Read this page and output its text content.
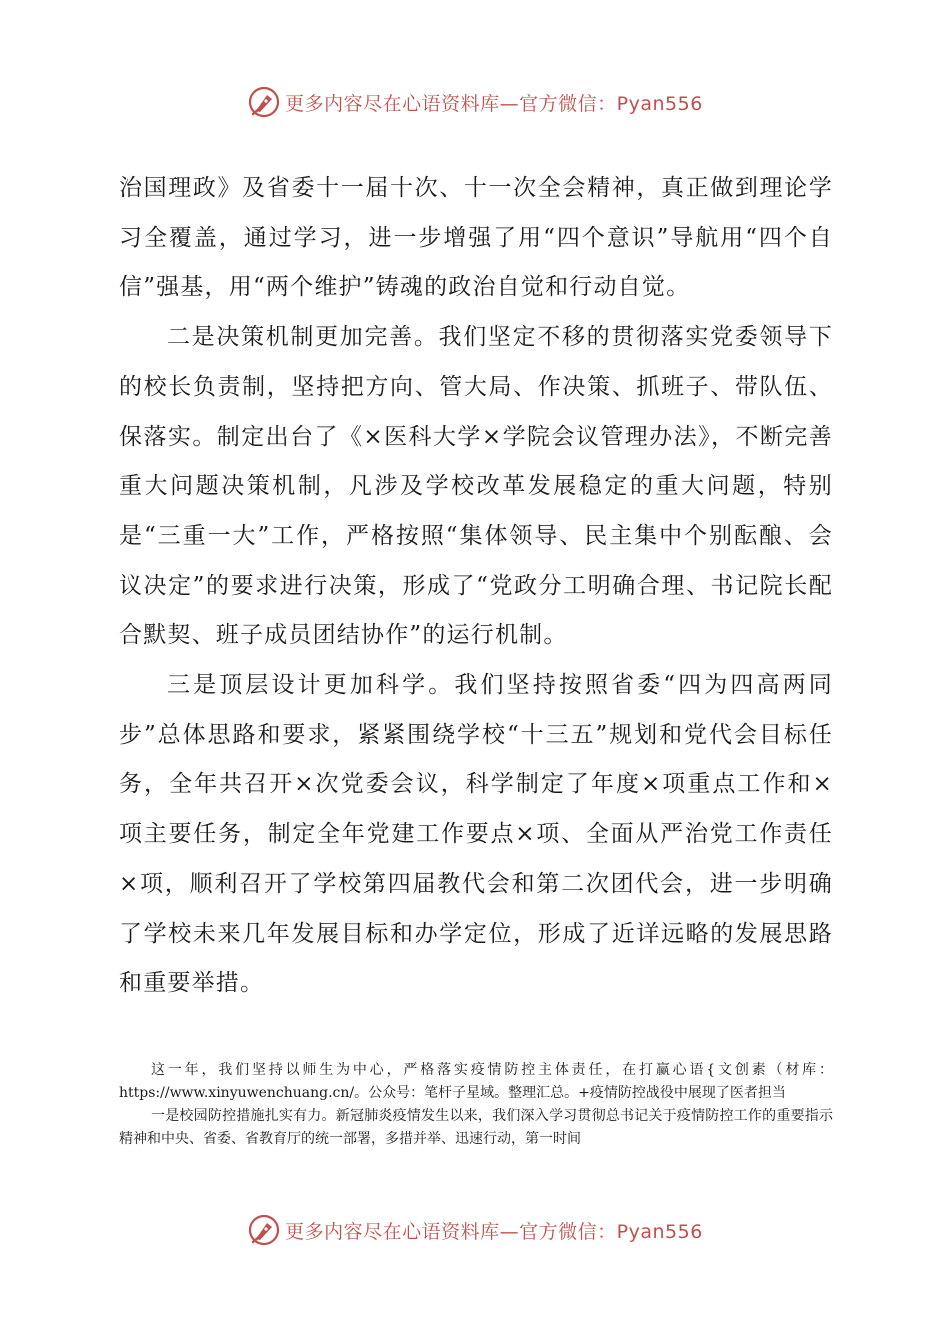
更多内容尽在心语资料库—官方微信：Pyan556

治国理政》及省委十一届十次、十一次全会精神，真正做到理论学习全覆盖，通过学习，进一步增强了用“四个意识”导航用“四个自信”强基，用“两个维护”铸魂的政治自觉和行动自觉。

二是决策机制更加完善。我们坚定不移的贯彻落实党委领导下的校长负责制，坚持把方向、管大局、作决策、抓班子、带队伍、保落实。制定出台了《×医科大学×学院会议管理办法》，不断完善重大问题决策机制，凡涉及学校改革发展稳定的重大问题，特别是“三重一大”工作，严格按照“集体领导、民主集中个别酝酿、会议决定”的要求进行决策，形成了“党政分工明确合理、书记院长配合默契、班子成员团结协作”的运行机制。

三是顶层设计更加科学。我们坚持按照省委“四为四高两同步”总体思路和要求，紧紧围绕学校“十三五”规划和党代会目标任务，全年共召开×次党委会议，科学制定了年度×项重点工作和×项主要任务，制定全年党建工作要点×项、全面从严治党工作责任×项，顺利召开了学校第四届教代会和第二次团代会，进一步明确了学校未来几年发展目标和办学定位，形成了近详远略的发展思路和重要举措。

这一年，我们坚持以师生为中心，严格落实疫情防控主体责任，在打赢心语{文创素（材库：https://www.xinyuwenchuang.cn/。公众号：笔杆子星域。整理汇总。+疫情防控战役中展现了医者担当

一是校园防控措施扎实有力。新冠肺炎疫情发生以来，我们深入学习贯彻总书记关于疫情防控工作的重要指示精神和中央、省委、省教育厅的统一部署，多措并举、迅速行动，第一时间

更多内容尽在心语资料库—官方微信：Pyan556
